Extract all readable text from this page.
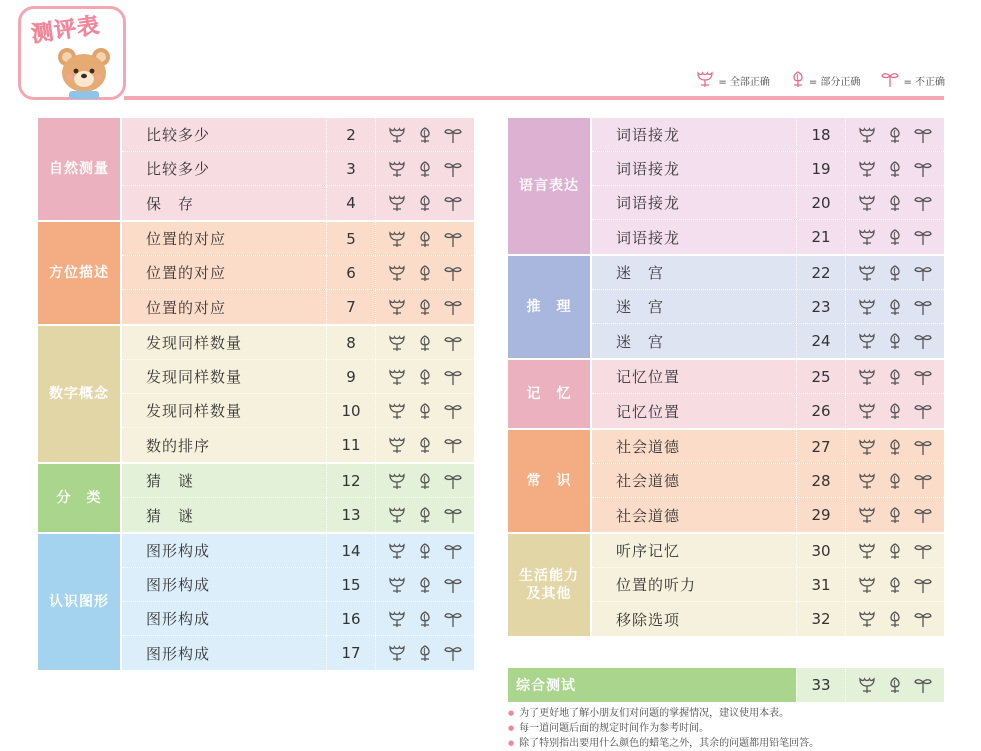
测评表
= 全部正确	= 部分正确	= 不正确
自然测量
比较多少	2
比较多少	3
保　存	4
方位描述
位置的对应	5
位置的对应	6
位置的对应	7
数字概念
发现同样数量	8
发现同样数量	9
发现同样数量	10
数的排序	11
分　类
猜　谜	12
猜　谜	13
认识图形
图形构成	14
图形构成	15
图形构成	16
图形构成	17
语言表达
词语接龙	18
词语接龙	19
词语接龙	20
词语接龙	21
推　理
迷　宫	22
迷　宫	23
迷　宫	24
记　忆
记忆位置	25
记忆位置	26
常　识
社会道德	27
社会道德	28
社会道德	29
生活能力
及其他
听序记忆	30
位置的听力	31
移除选项	32
综合测试	33
● 为了更好地了解小朋友们对问题的掌握情况，建议使用本表。
● 每一道问题后面的规定时间作为参考时间。
● 除了特别指出要用什么颜色的蜡笔之外，其余的问题都用铅笔回答。
